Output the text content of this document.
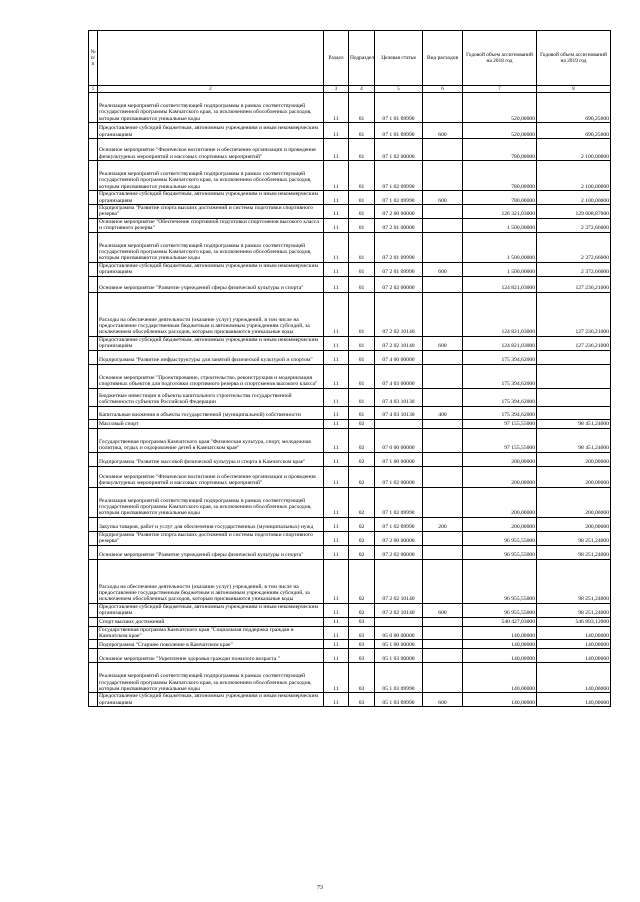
№ п/п		Раздел	Подраздел	Целевая статья	Вид расходов	Годовой объем ассигнований на 2018 год	Годовой объем ассигнований на 2019 год
1	2	3	4	5	6	7	8
	Реализация мероприятий соответствующей подпрограммы в рамках соответствующей государственной программы Камчатского края, за исключением обособленных расходов, которым присваиваются уникальные коды	11	01	07 1 01 09990		520,00000	690,25000
	Предоставление субсидий бюджетным, автономным учреждениям и иным некоммерческим организациям	11	01	07 1 01 09990	600	520,00000	690,25000
	Основное мероприятие "Физическое воспитание и обеспечение организации и проведения физкультурных мероприятий и массовых спортивных мероприятий"	11	01	07 1 02 00000		780,00000	2 100,00000
	Реализация мероприятий соответствующей подпрограммы в рамках соответствующей государственной программы Камчатского края, за исключением обособленных расходов, которым присваиваются уникальные коды	11	01	07 1 02 09990		780,00000	2 100,00000
	Предоставление субсидий бюджетным, автономным учреждениям и иным некоммерческим организациям	11	01	07 1 02 09990	600	780,00000	2 100,00000
	Подпрограмма "Развитие спорта высших достижений и системы подготовки спортивного резерва"	11	01	07 2 00 00000		126 321,03000	129 608,87000
	Основное мероприятие "Обеспечение спортивной подготовки спортсменов высокого класса и спортивного резерва"	11	01	07 2 01 00000		1 500,00000	2 372,66000
	Реализация мероприятий соответствующей подпрограммы в рамках соответствующей государственной программы Камчатского края, за исключением обособленных расходов, которым присваиваются уникальные коды	11	01	07 2 01 09990		1 500,00000	2 372,66000
	Предоставление субсидий бюджетным, автономным учреждениям и иным некоммерческим организациям	11	01	07 2 01 09990	600	1 500,00000	2 372,66000
	Основное мероприятие "Развитие учреждений сферы физической культуры и спорта"	11	01	07 2 02 00000		124 821,03000	127 236,21000
	Расходы на обеспечение деятельности (оказание услуг) учреждений, в том числе на предоставление государственным бюджетным и автономным учреждениям субсидий, за исключением обособленных расходов, которым присваиваются уникальные коды	11	01	07 2 02 10140		124 821,03000	127 236,21000
	Предоставление субсидий бюджетным, автономным учреждениям и иным некоммерческим организациям	11	01	07 2 02 10140	600	124 821,03000	127 236,21000
	Подпрограмма "Развитие инфраструктуры для занятий физической культурой и спортом"	11	01	07 4 00 00000		175 394,62000	
	Основное мероприятие "Проектирование, строительство, реконструкция и модернизация спортивных объектов для подготовки спортивного резерва и спортсменов высокого класса"	11	01	07 4 03 00000		175 394,62000	
	Бюджетные инвестиции в объекты капитального строительства государственной собственности субъектов Российской Федерации	11	01	07 4 03 10130		175 394,62000	
	Капитальные вложения в объекты государственной (муниципальной) собственности	11	01	07 4 03 10130	400	175 394,62000	
	Массовый спорт	11	02			97 155,55000	98 451,24000
	Государственная программа Камчатского края "Физическая культура, спорт, молодежная политика, отдых и оздоровление детей в Камчатском крае"	11	02	07 0 00 00000		97 155,55000	98 451,24000
	Подпрограмма "Развитие массовой физической культуры и спорта в Камчатском крае"	11	02	07 1 00 00000		200,00000	200,00000
	Основное мероприятие "Физическое воспитание и обеспечение организации и проведения физкультурных мероприятий и массовых спортивных мероприятий"	11	02	07 1 02 00000		200,00000	200,00000
	Реализация мероприятий соответствующей подпрограммы в рамках соответствующей государственной программы Камчатского края, за исключением обособленных расходов, которым присваиваются уникальные коды	11	02	07 1 02 09990		200,00000	200,00000
	Закупка товаров, работ и услуг для обеспечения государственных (муниципальных) нужд	11	02	07 1 02 09990	200	200,00000	200,00000
	Подпрограмма "Развитие спорта высших достижений и системы подготовки спортивного резерва"	11	02	07 2 00 00000		96 955,55000	98 251,24000
	Основное мероприятие "Развитие учреждений сферы физической культуры и спорта"	11	02	07 2 02 00000		96 955,55000	98 251,24000
	Расходы на обеспечение деятельности (оказание услуг) учреждений, в том числе на предоставление государственным бюджетным и автономным учреждениям субсидий, за исключением обособленных расходов, которым присваиваются уникальные коды	11	02	07 2 02 10140		96 955,55000	98 251,24000
	Предоставление субсидий бюджетным, автономным учреждениям и иным некоммерческим организациям	11	02	07 2 02 10140	600	96 955,55000	98 251,24000
	Спорт высших достижений	11	03			540 427,03000	546 893,12000
	Государственная программа Камчатского края "Социальная поддержка граждан в Камчатском крае"	11	03	05 0 00 00000		140,00000	140,00000
	Подпрограмма "Старшее поколение в Камчатском крае"	11	03	05 1 00 00000		140,00000	140,00000
	Основное мероприятие "Укрепление здоровья граждан пожилого возраста "	11	03	05 1 03 00000		140,00000	140,00000
	Реализация мероприятий соответствующей подпрограммы в рамках соответствующей государственной программы Камчатского края, за исключением обособленных расходов, которым присваиваются уникальные коды	11	03	05 1 03 09990		140,00000	140,00000
	Предоставление субсидий бюджетным, автономным учреждениям и иным некоммерческим организациям	11	03	05 1 03 09990	600	140,00000	140,00000
73
